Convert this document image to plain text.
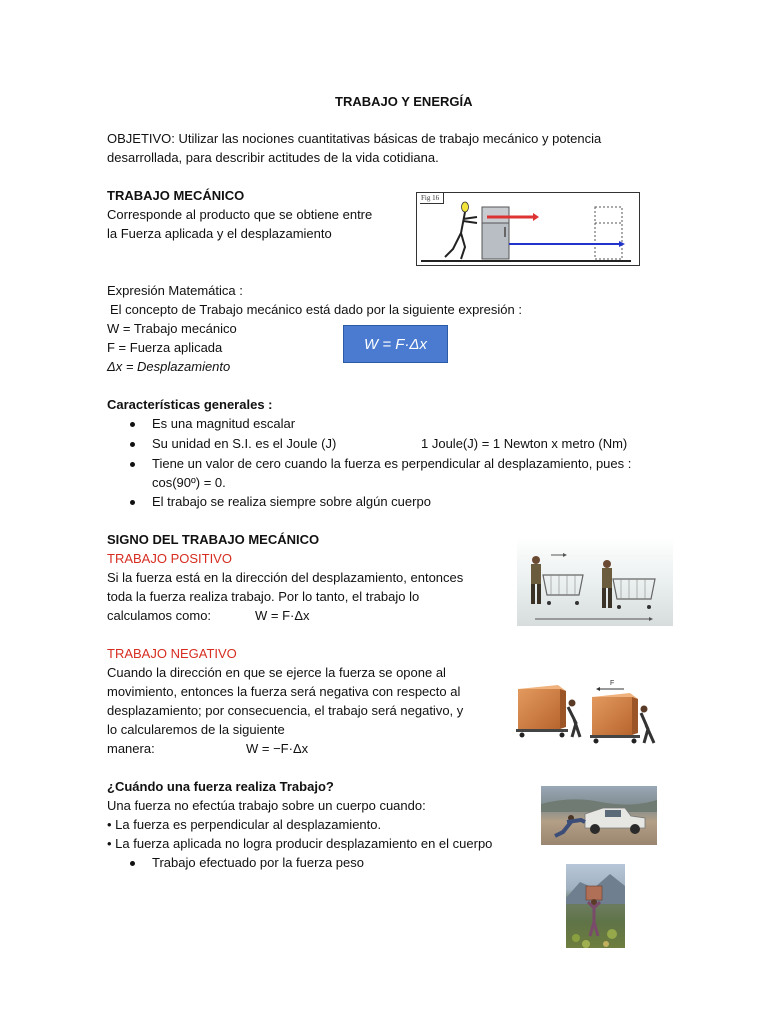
TRABAJO Y ENERGÍA
OBJETIVO: Utilizar las nociones cuantitativas básicas de trabajo mecánico y potencia
desarrollada, para describir actitudes de la vida cotidiana.
TRABAJO MECÁNICO
Corresponde al producto que se obtiene entre
la Fuerza aplicada y el desplazamiento
Fig 16
Expresión Matemática :
El concepto de Trabajo mecánico está dado por la siguiente expresión :
W = Trabajo mecánico
F = Fuerza aplicada
Δx = Desplazamiento
W = F·Δx
Características generales :
Es una magnitud escalar
Su unidad en S.I. es el Joule (J)	1 Joule(J) = 1 Newton x metro (Nm)
Tiene un valor de cero cuando la fuerza es perpendicular al desplazamiento, pues :
cos(90º) = 0.
El trabajo se realiza siempre sobre algún cuerpo
SIGNO DEL TRABAJO MECÁNICO
TRABAJO POSITIVO
Si la fuerza está en la dirección del desplazamiento, entonces
toda la fuerza realiza trabajo. Por lo tanto, el trabajo lo
calculamos como:	W = F·Δx
TRABAJO NEGATIVO
Cuando la dirección en que se ejerce la fuerza se opone al
movimiento, entonces la fuerza será negativa con respecto al
desplazamiento; por consecuencia, el trabajo será negativo, y
lo calcularemos de la siguiente
manera:	W = −F·Δx
F
¿Cuándo una fuerza realiza Trabajo?
Una fuerza no efectúa trabajo sobre un cuerpo cuando:
• La fuerza es perpendicular al desplazamiento.
• La fuerza aplicada no logra producir desplazamiento en el cuerpo
Trabajo efectuado por la fuerza peso
